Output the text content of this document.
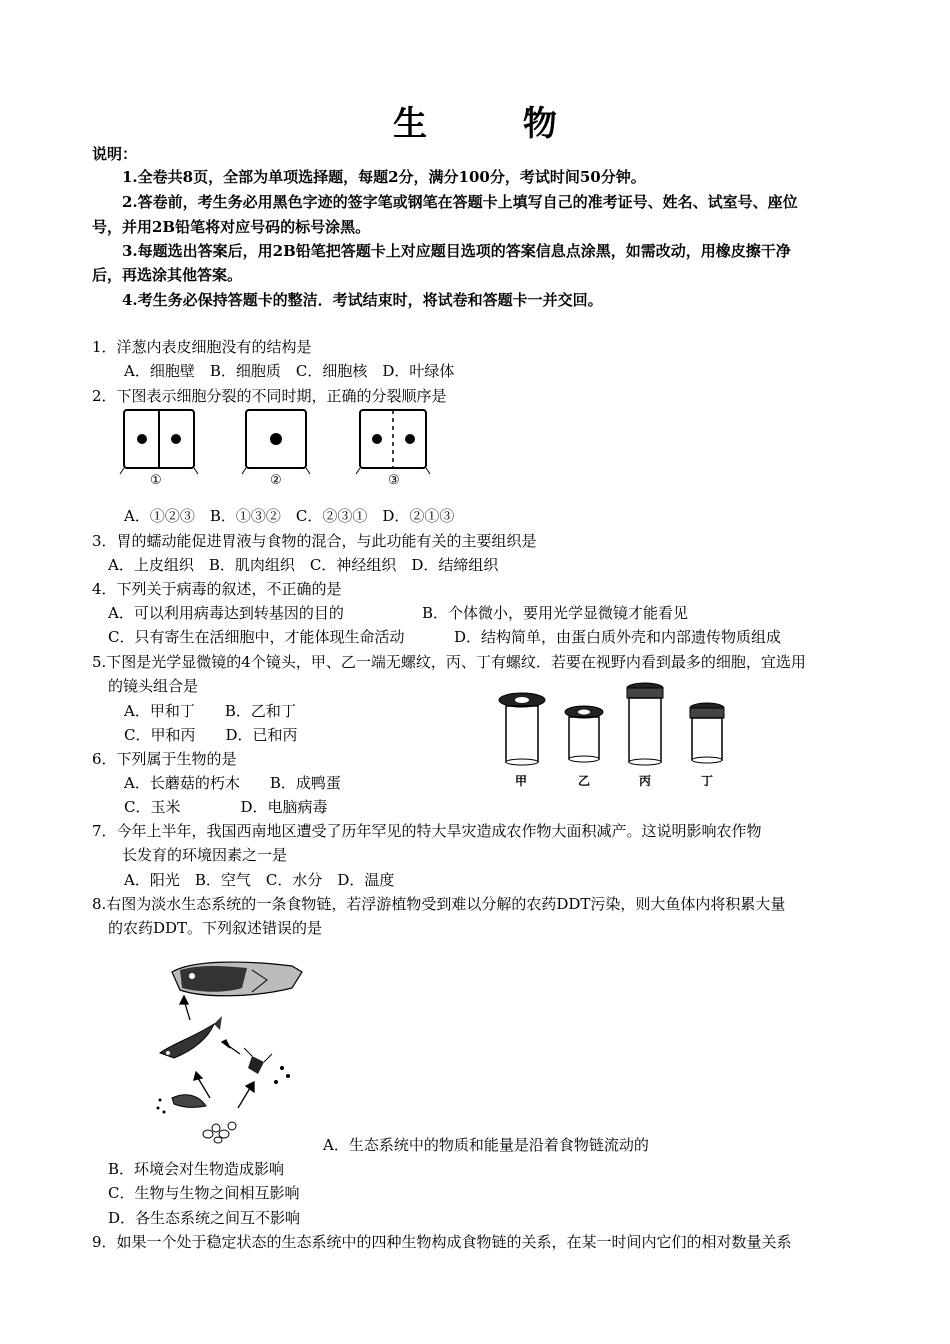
生 物
说明：
1.全卷共8页，全部为单项选择题，每题2分，满分100分，考试时间50分钟。
2.答卷前，考生务必用黑色字迹的签字笔或钢笔在答题卡上填写自己的准考证号、姓名、试室号、座位
号，并用2B铅笔将对应号码的标号涂黑。
3.每题选出答案后，用2B铅笔把答题卡上对应题目选项的答案信息点涂黑，如需改动，用橡皮擦干净
后，再选涂其他答案。
4.考生务必保持答题卡的整洁．考试结束时，将试卷和答题卡一并交回。
1．洋葱内表皮细胞没有的结构是
A．细胞壁　B．细胞质　C．细胞核　D．叶绿体
2．下图表示细胞分裂的不同时期，正确的分裂顺序是
①	②	③
A．①②③　B．①③②　C．②③①　D．②①③
3．胃的蠕动能促进胃液与食物的混合，与此功能有关的主要组织是
A．上皮组织　B．肌肉组织　C．神经组织　D．结缔组织
4．下列关于病毒的叙述，不正确的是
A．可以利用病毒达到转基因的目的	B．个体微小，要用光学显微镜才能看见
C．只有寄生在活细胞中，才能体现生命活动	D．结构简单，由蛋白质外壳和内部遗传物质组成
5.下图是光学显微镜的4个镜头，甲、乙一端无螺纹，丙、丁有螺纹．若要在视野内看到最多的细胞，宜选用
的镜头组合是
A．甲和丁　　B．乙和丁
C．甲和丙　　D．已和丙
甲	乙	丙	丁
6．下列属于生物的是
A．长蘑菇的朽木　　B．成鸭蛋
C．玉米　　　　D．电脑病毒
7．今年上半年，我国西南地区遭受了历年罕见的特大旱灾造成农作物大面积减产。这说明影响农作物
长发育的环境因素之一是
A．阳光　B．空气　C．水分　D．温度
8.右图为淡水生态系统的一条食物链，若浮游植物受到难以分解的农药DDT污染，则大鱼体内将积累大量
的农药DDT。下列叙述错误的是
A．生态系统中的物质和能量是沿着食物链流动的
B．环境会对生物造成影响
C．生物与生物之间相互影响
D．各生态系统之间互不影响
9．如果一个处于稳定状态的生态系统中的四种生物构成食物链的关系，在某一时间内它们的相对数量关系
